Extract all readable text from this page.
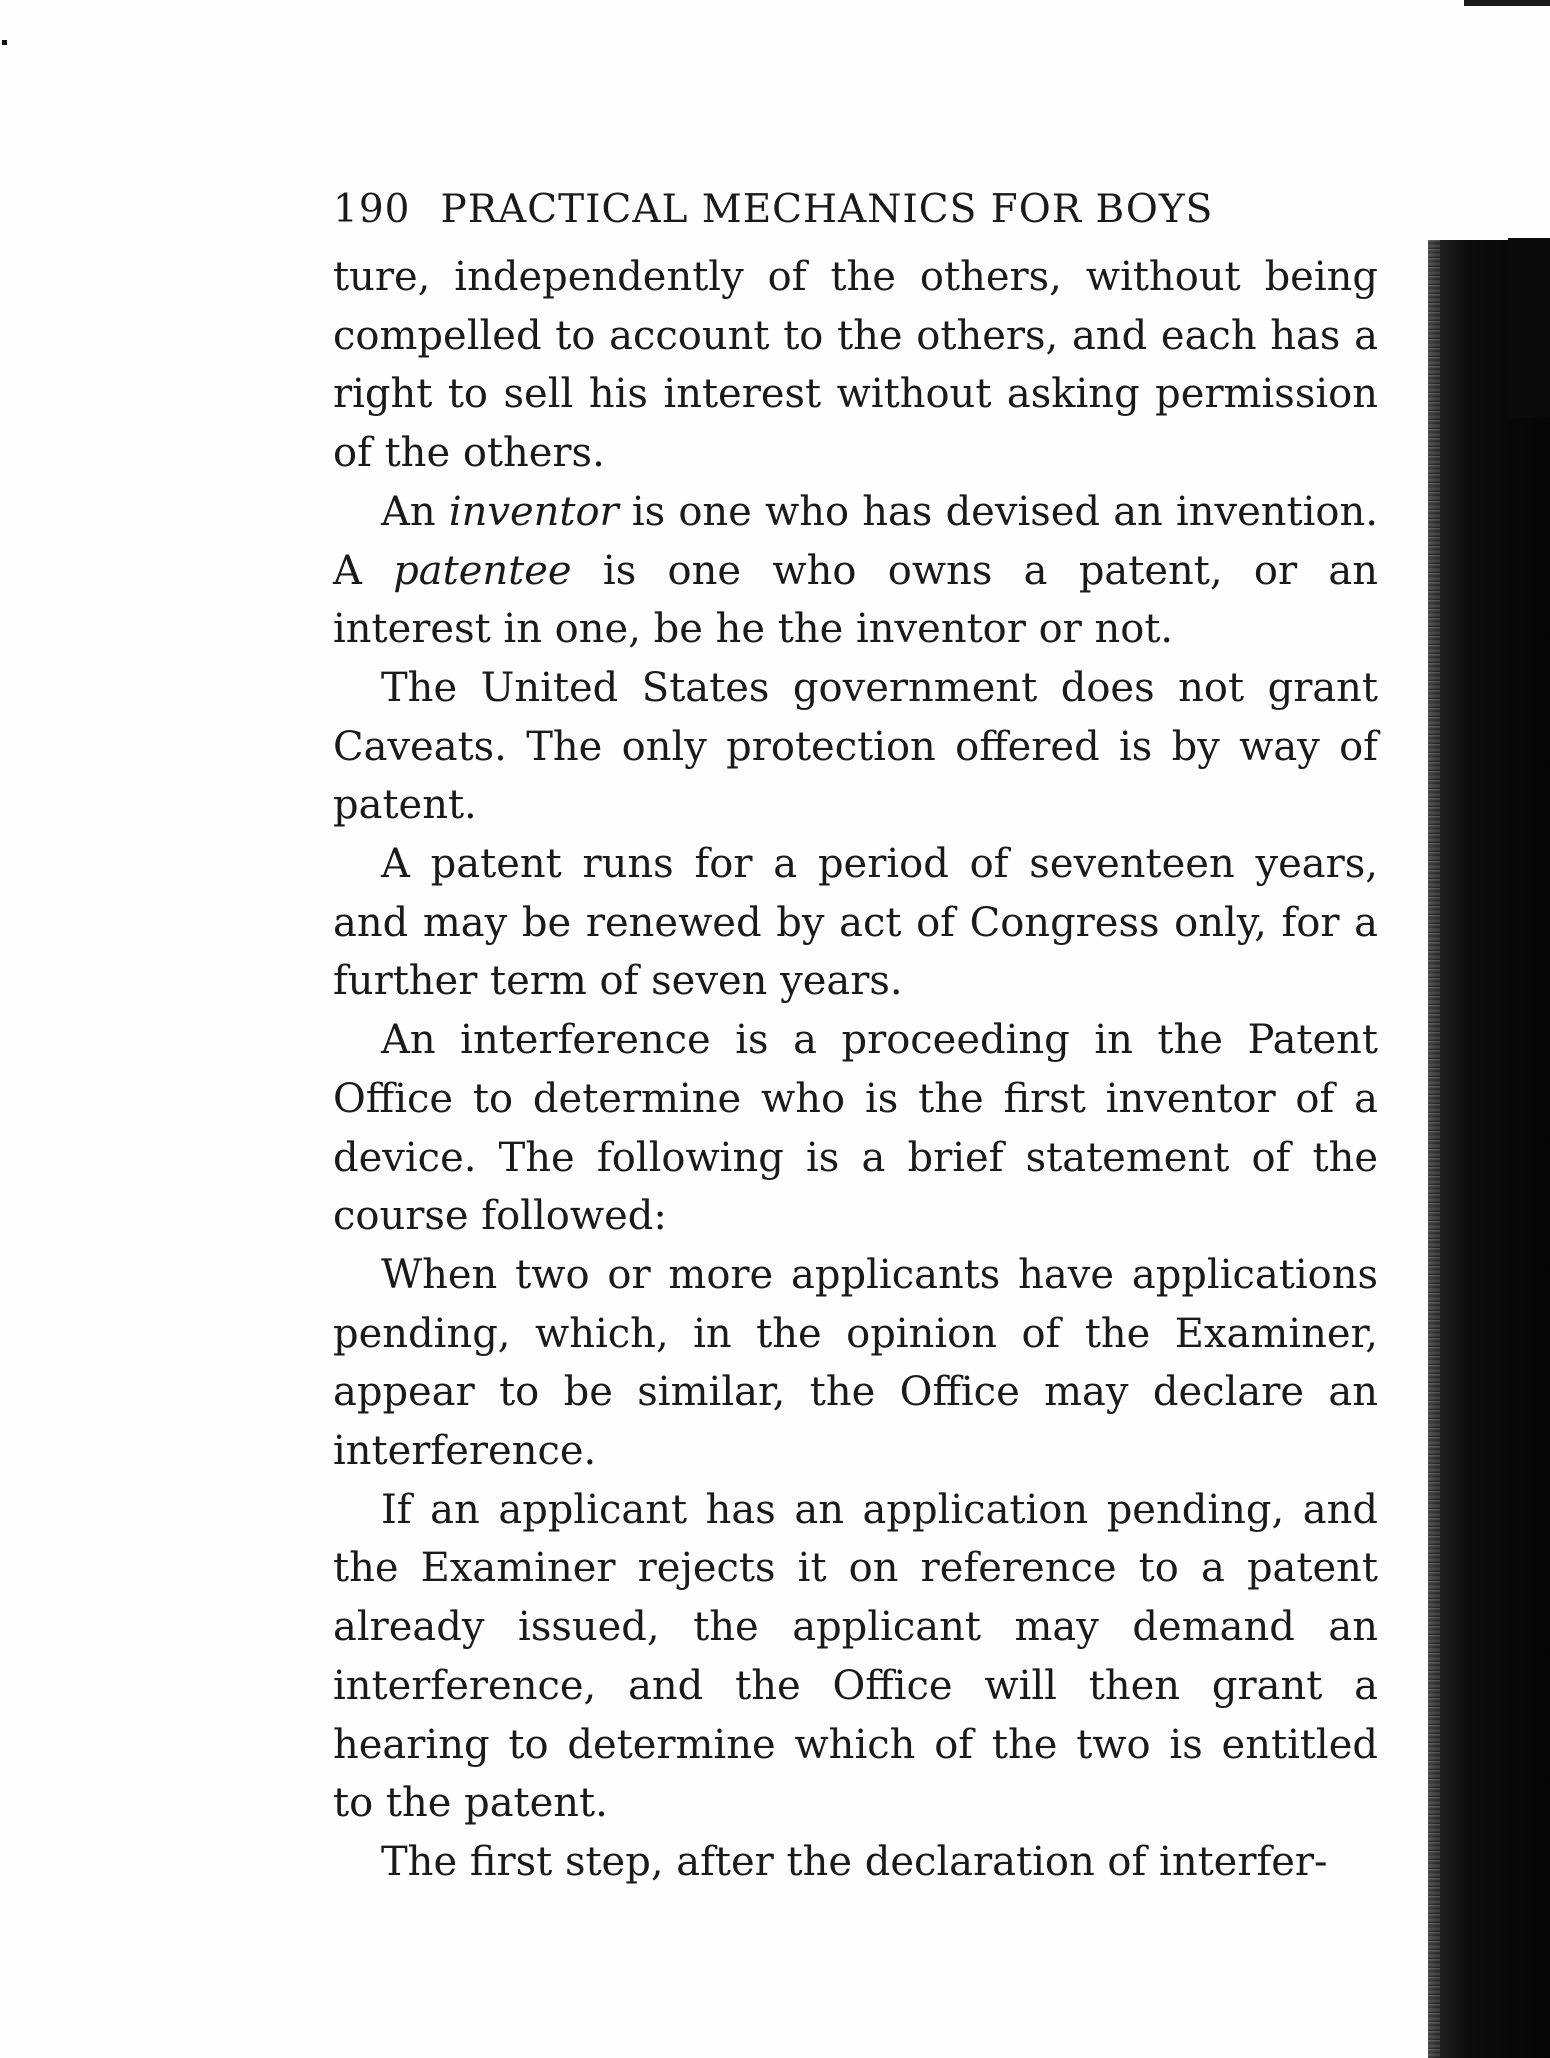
190 PRACTICAL MECHANICS FOR BOYS

ture, independently of the others, without being compelled to account to the others, and each has a right to sell his interest without asking permission of the others.

An inventor is one who has devised an invention. A patentee is one who owns a patent, or an interest in one, be he the inventor or not.

The United States government does not grant Caveats. The only protection offered is by way of patent.

A patent runs for a period of seventeen years, and may be renewed by act of Congress only, for a further term of seven years.

An interference is a proceeding in the Patent Office to determine who is the first inventor of a device. The following is a brief statement of the course followed:

When two or more applicants have applications pending, which, in the opinion of the Examiner, appear to be similar, the Office may declare an interference.

If an applicant has an application pending, and the Examiner rejects it on reference to a patent already issued, the applicant may demand an interference, and the Office will then grant a hearing to determine which of the two is entitled to the patent.

The first step, after the declaration of interfer-
